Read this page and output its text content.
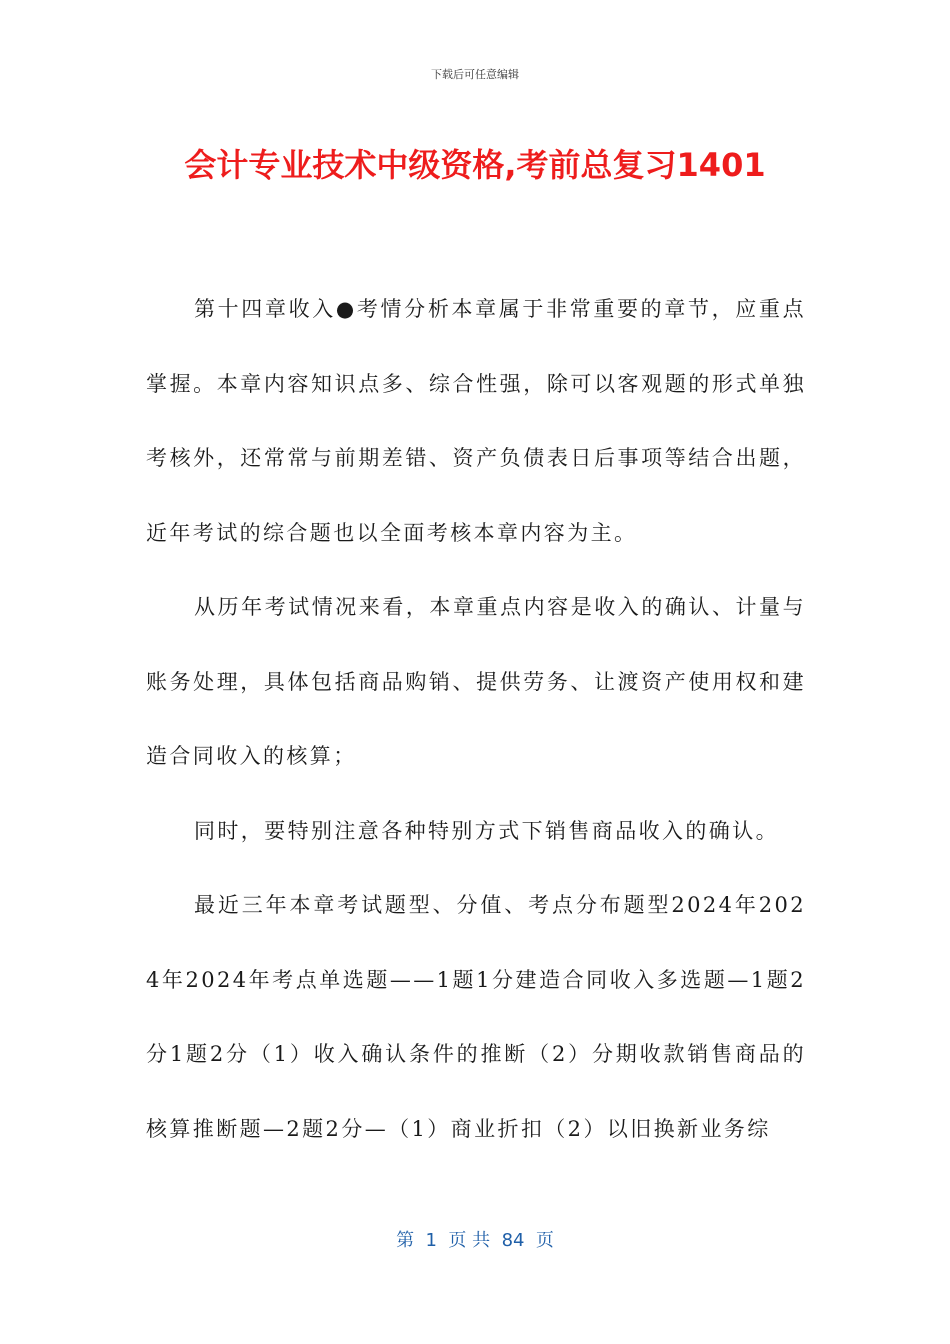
下载后可任意编辑
会计专业技术中级资格,考前总复习1401

第十四章收入●考情分析本章属于非常重要的章节，应重点掌握。本章内容知识点多、综合性强，除可以客观题的形式单独考核外，还常常与前期差错、资产负债表日后事项等结合出题，近年考试的综合题也以全面考核本章内容为主。

从历年考试情况来看，本章重点内容是收入的确认、计量与账务处理，具体包括商品购销、提供劳务、让渡资产使用权和建造合同收入的核算；

同时，要特别注意各种特别方式下销售商品收入的确认。

最近三年本章考试题型、分值、考点分布题型2024年2024年2024年考点单选题——1题1分建造合同收入多选题—1题2分1题2分（1）收入确认条件的推断（2）分期收款销售商品的核算推断题—2题2分—（1）商业折扣（2）以旧换新业务综

第  1  页 共  84  页
